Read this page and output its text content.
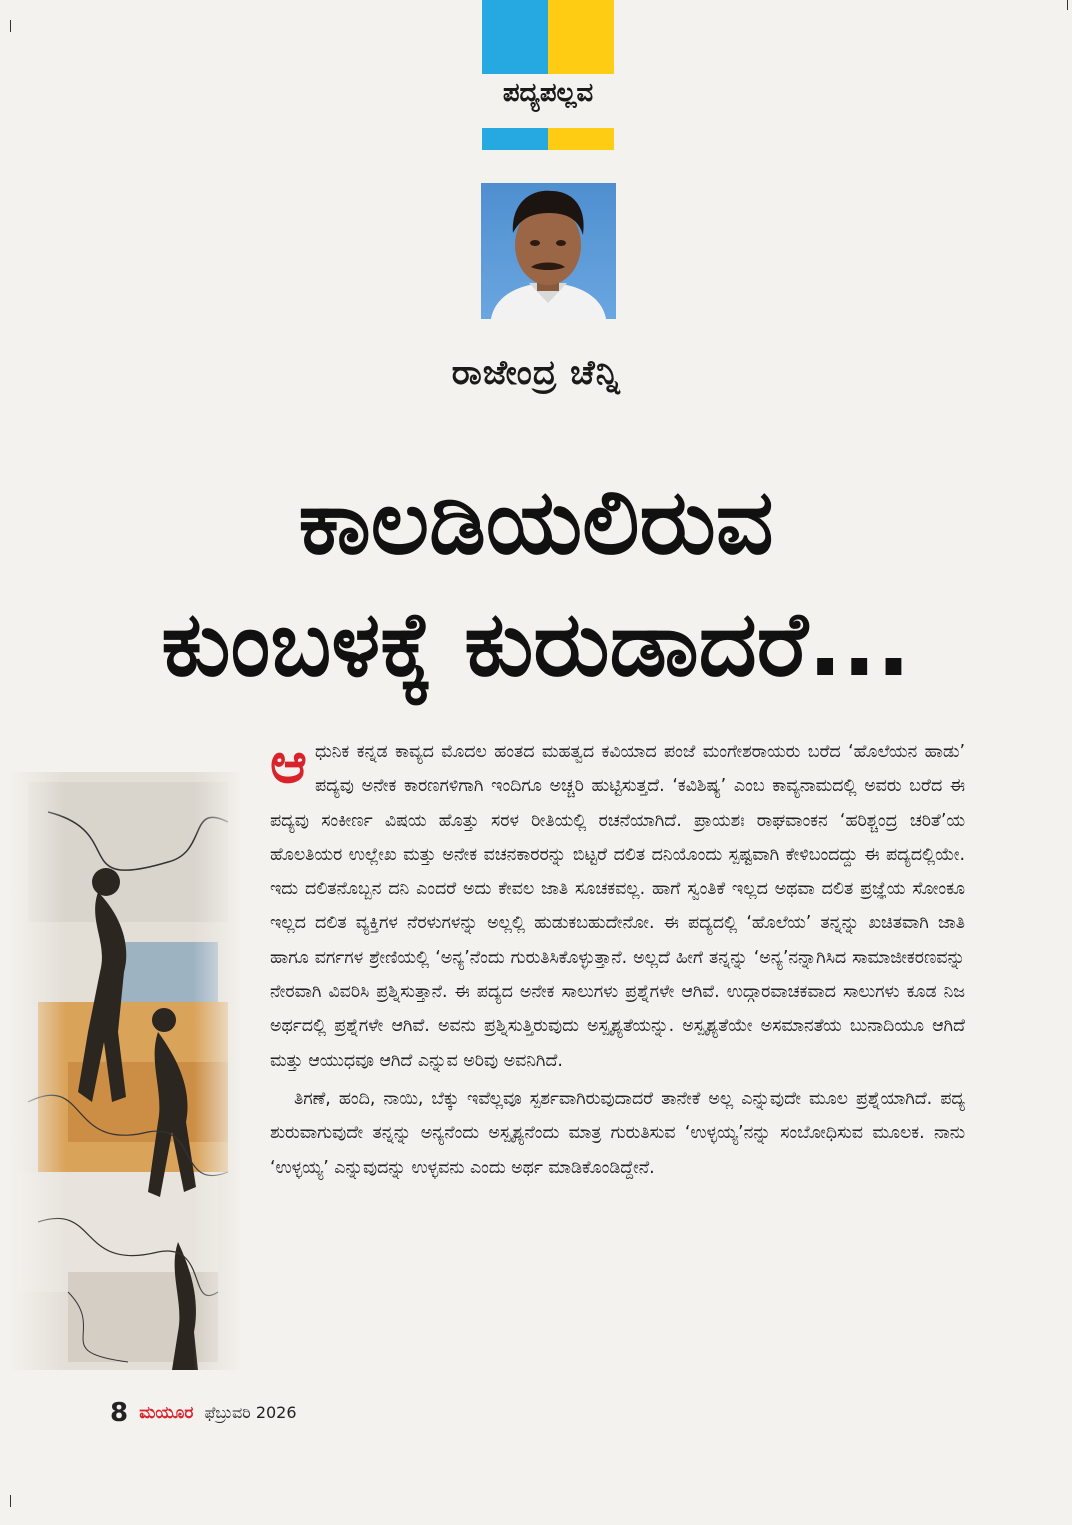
ಪದ್ಯಪಲ್ಲವ
ರಾಜೇಂದ್ರ ಚೆನ್ನಿ
ಕಾಲಡಿಯಲಿರುವ
ಕುಂಬಳಕ್ಕೆ ಕುರುಡಾದರೆ...

ಆಧುನಿಕ ಕನ್ನಡ ಕಾವ್ಯದ ಮೊದಲ ಹಂತದ ಮಹತ್ವದ ಕವಿಯಾದ ಪಂಜೆ ಮಂಗೇಶರಾಯರು ಬರೆದ ‘ಹೊಲೆಯನ ಹಾಡು’ ಪದ್ಯವು ಅನೇಕ ಕಾರಣಗಳಿಗಾಗಿ ಇಂದಿಗೂ ಅಚ್ಚರಿ ಹುಟ್ಟಿಸುತ್ತದೆ. ‘ಕವಿಶಿಷ್ಯ’ ಎಂಬ ಕಾವ್ಯನಾಮದಲ್ಲಿ ಅವರು ಬರೆದ ಈ ಪದ್ಯವು ಸಂಕೀರ್ಣ ವಿಷಯ ಹೊತ್ತು ಸರಳ ರೀತಿಯಲ್ಲಿ ರಚನೆಯಾಗಿದೆ. ಪ್ರಾಯಶಃ ರಾಘವಾಂಕನ ‘ಹರಿಶ್ಚಂದ್ರ ಚರಿತೆ’ಯ ಹೊಲತಿಯರ ಉಲ್ಲೇಖ ಮತ್ತು ಅನೇಕ ವಚನಕಾರರನ್ನು ಬಿಟ್ಟರೆ ದಲಿತ ದನಿಯೊಂದು ಸ್ಪಷ್ಟವಾಗಿ ಕೇಳಿಬಂದದ್ದು ಈ ಪದ್ಯದಲ್ಲಿಯೇ. ಇದು ದಲಿತನೊಬ್ಬನ ದನಿ ಎಂದರೆ ಅದು ಕೇವಲ ಜಾತಿ ಸೂಚಕವಲ್ಲ. ಹಾಗೆ ಸ್ವಂತಿಕೆ ಇಲ್ಲದ ಅಥವಾ ದಲಿತ ಪ್ರಜ್ಞೆಯ ಸೋಂಕೂ ಇಲ್ಲದ ದಲಿತ ವ್ಯಕ್ತಿಗಳ ನೆರಳುಗಳನ್ನು ಅಲ್ಲಲ್ಲಿ ಹುಡುಕಬಹುದೇನೋ. ಈ ಪದ್ಯದಲ್ಲಿ ‘ಹೊಲೆಯ’ ತನ್ನನ್ನು ಖಚಿತವಾಗಿ ಜಾತಿ ಹಾಗೂ ವರ್ಗಗಳ ಶ್ರೇಣಿಯಲ್ಲಿ ‘ಅನ್ಯ’ನೆಂದು ಗುರುತಿಸಿಕೊಳ್ಳುತ್ತಾನೆ. ಅಲ್ಲದೆ ಹೀಗೆ ತನ್ನನ್ನು ‘ಅನ್ಯ’ನನ್ನಾಗಿಸಿದ ಸಾಮಾಜೀಕರಣವನ್ನು ನೇರವಾಗಿ ವಿವರಿಸಿ ಪ್ರಶ್ನಿಸುತ್ತಾನೆ. ಈ ಪದ್ಯದ ಅನೇಕ ಸಾಲುಗಳು ಪ್ರಶ್ನೆಗಳೇ ಆಗಿವೆ. ಉದ್ಗಾರವಾಚಕವಾದ ಸಾಲುಗಳು ಕೂಡ ನಿಜ ಅರ್ಥದಲ್ಲಿ ಪ್ರಶ್ನೆಗಳೇ ಆಗಿವೆ. ಅವನು ಪ್ರಶ್ನಿಸುತ್ತಿರುವುದು ಅಸ್ಪೃಶ್ಯತೆಯನ್ನು. ಅಸ್ಪೃಶ್ಯತೆಯೇ ಅಸಮಾನತೆಯ ಬುನಾದಿಯೂ ಆಗಿದೆ ಮತ್ತು ಆಯುಧವೂ ಆಗಿದೆ ಎನ್ನುವ ಅರಿವು ಅವನಿಗಿದೆ.

ತಿಗಣೆ, ಹಂದಿ, ನಾಯಿ, ಬೆಕ್ಕು ಇವೆಲ್ಲವೂ ಸ್ಪರ್ಶವಾಗಿರುವುದಾದರೆ ತಾನೇಕೆ ಅಲ್ಲ ಎನ್ನುವುದೇ ಮೂಲ ಪ್ರಶ್ನೆಯಾಗಿದೆ. ಪದ್ಯ ಶುರುವಾಗುವುದೇ ತನ್ನನ್ನು ಅನ್ಯನೆಂದು ಅಸ್ಪೃಶ್ಯನೆಂದು ಮಾತ್ರ ಗುರುತಿಸುವ ‘ಉಳ್ಳಯ್ಯ’ನನ್ನು ಸಂಬೋಧಿಸುವ ಮೂಲಕ. ನಾನು ‘ಉಳ್ಳಯ್ಯ’ ಎನ್ನುವುದನ್ನು ಉಳ್ಳವನು ಎಂದು ಅರ್ಥ ಮಾಡಿಕೊಂಡಿದ್ದೇನೆ.

8 ಮಯೂರ ಫೆಬ್ರುವರಿ 2026
